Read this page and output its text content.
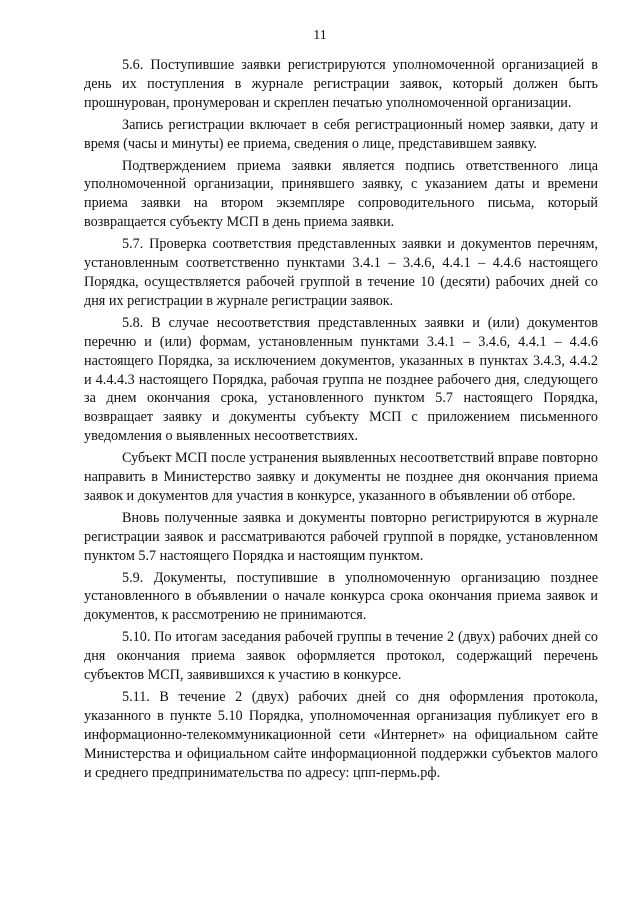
11

5.6. Поступившие заявки регистрируются уполномоченной организацией в день их поступления в журнале регистрации заявок, который должен быть прошнурован, пронумерован и скреплен печатью уполномоченной организации.

Запись регистрации включает в себя регистрационный номер заявки, дату и время (часы и минуты) ее приема, сведения о лице, представившем заявку.

Подтверждением приема заявки является подпись ответственного лица уполномоченной организации, принявшего заявку, с указанием даты и времени приема заявки на втором экземпляре сопроводительного письма, который возвращается субъекту МСП в день приема заявки.

5.7. Проверка соответствия представленных заявки и документов перечням, установленным соответственно пунктами 3.4.1 – 3.4.6, 4.4.1 – 4.4.6 настоящего Порядка, осуществляется рабочей группой в течение 10 (десяти) рабочих дней со дня их регистрации в журнале регистрации заявок.

5.8. В случае несоответствия представленных заявки и (или) документов перечню и (или) формам, установленным пунктами 3.4.1 – 3.4.6, 4.4.1 – 4.4.6 настоящего Порядка, за исключением документов, указанных в пунктах 3.4.3, 4.4.2 и 4.4.4.3 настоящего Порядка, рабочая группа не позднее рабочего дня, следующего за днем окончания срока, установленного пунктом 5.7 настоящего Порядка, возвращает заявку и документы субъекту МСП с приложением письменного уведомления о выявленных несоответствиях.

Субъект МСП после устранения выявленных несоответствий вправе повторно направить в Министерство заявку и документы не позднее дня окончания приема заявок и документов для участия в конкурсе, указанного в объявлении об отборе.

Вновь полученные заявка и документы повторно регистрируются в журнале регистрации заявок и рассматриваются рабочей группой в порядке, установленном пунктом 5.7 настоящего Порядка и настоящим пунктом.

5.9. Документы, поступившие в уполномоченную организацию позднее установленного в объявлении о начале конкурса срока окончания приема заявок и документов, к рассмотрению не принимаются.

5.10. По итогам заседания рабочей группы в течение 2 (двух) рабочих дней со дня окончания приема заявок оформляется протокол, содержащий перечень субъектов МСП, заявившихся к участию в конкурсе.

5.11. В течение 2 (двух) рабочих дней со дня оформления протокола, указанного в пункте 5.10 Порядка, уполномоченная организация публикует его в информационно-телекоммуникационной сети «Интернет» на официальном сайте Министерства и официальном сайте информационной поддержки субъектов малого и среднего предпринимательства по адресу: цпп-пермь.рф.
